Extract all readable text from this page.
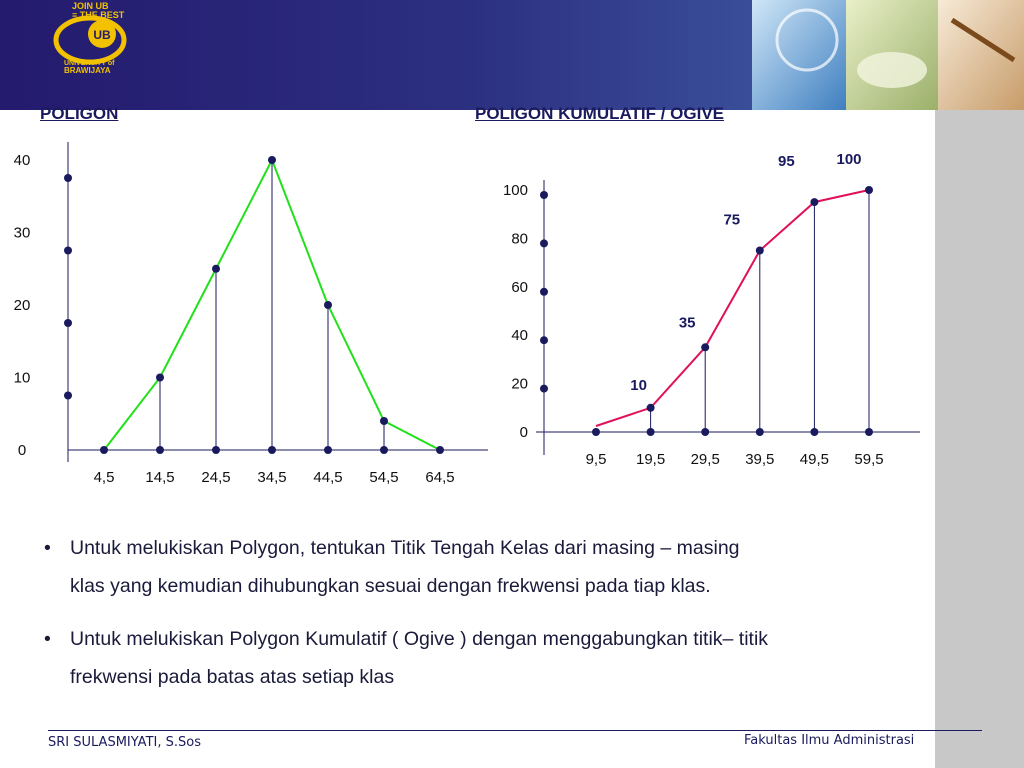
UB
JOIN UB
≡ THE BEST
UNIVERSITY of
BRAWIJAYA
POLIGON	POLIGON KUMULATIF / OGIVE
0
10
20
30
40
4,5 14,5 24,5 34,5 44,5 54,5 64,5
0
20
40
60
80
100
10
35
75
95	100
9,5 19,5 29,5 39,5 49,5 59,5
• Untuk melukiskan Polygon, tentukan Titik Tengah Kelas dari masing – masing
klas yang kemudian dihubungkan sesuai dengan frekwensi pada tiap klas.
• Untuk melukiskan Polygon Kumulatif ( Ogive ) dengan menggabungkan titik– titik
frekwensi pada batas atas setiap klas
SRI SULASMIYATI, S.Sos	Fakultas Ilmu Administrasi
